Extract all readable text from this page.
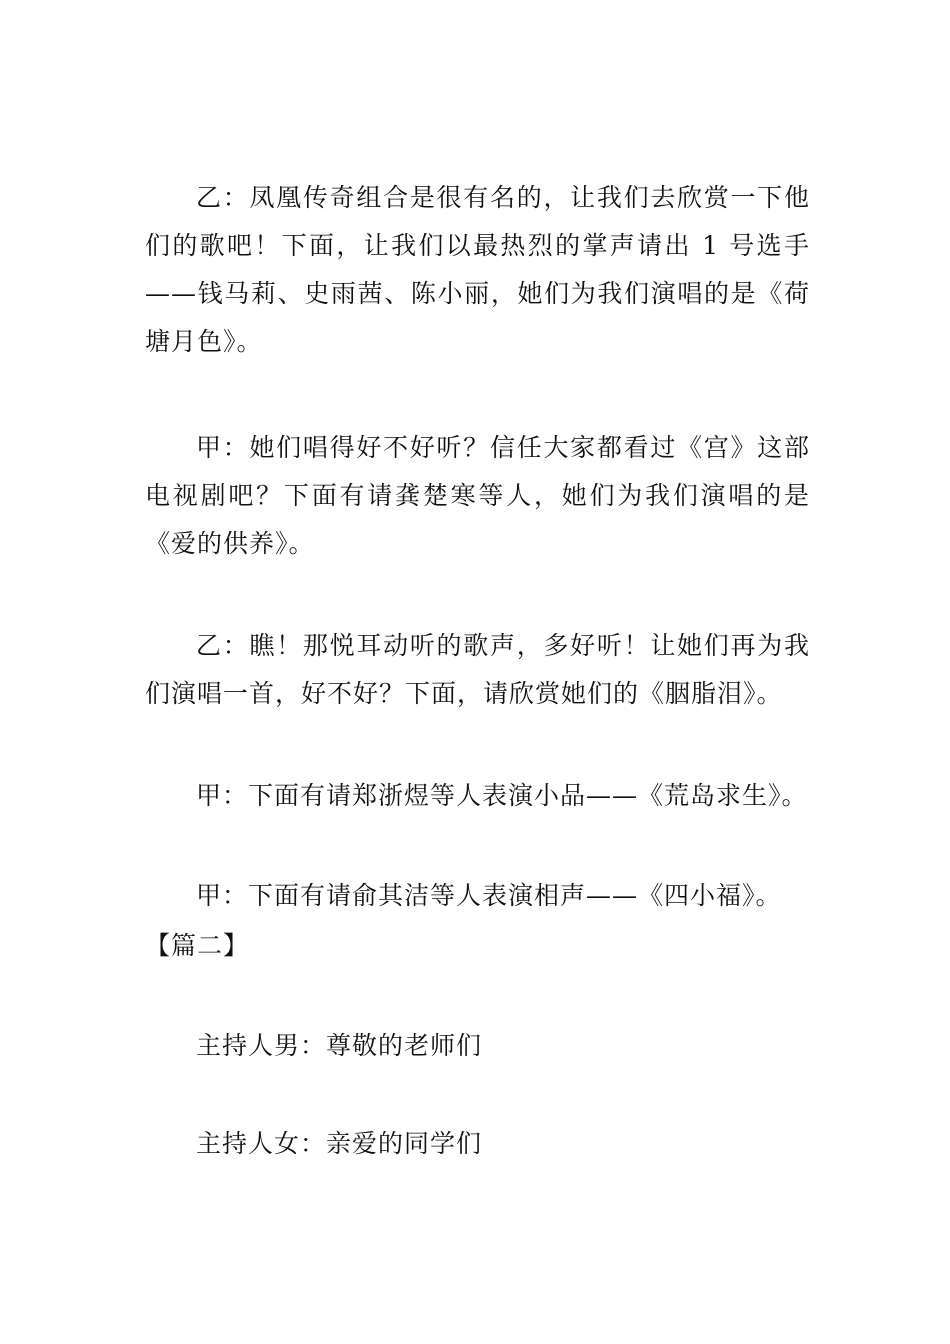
乙：凤凰传奇组合是很有名的，让我们去欣赏一下他们的歌吧！下面，让我们以最热烈的掌声请出 1 号选手——钱马莉、史雨茜、陈小丽，她们为我们演唱的是《荷塘月色》。

甲：她们唱得好不好听？信任大家都看过《宫》这部电视剧吧？下面有请龚楚寒等人，她们为我们演唱的是《爱的供养》。

乙：瞧！那悦耳动听的歌声，多好听！让她们再为我们演唱一首，好不好？下面，请欣赏她们的《胭脂泪》。

甲：下面有请郑浙煜等人表演小品——《荒岛求生》。

甲：下面有请俞其洁等人表演相声——《四小福》。

【篇二】

主持人男：尊敬的老师们

主持人女：亲爱的同学们
